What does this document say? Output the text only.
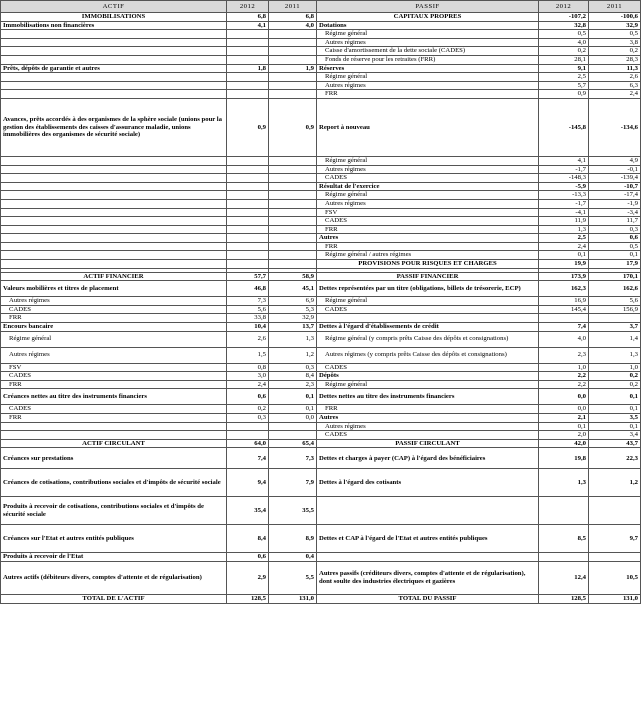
ACTIF	2012	2011	PASSIF	2012	2011
IMMOBILISATIONS	6,8	6,8	CAPITAUX PROPRES	-107,2	-100,6
Immobilisations non financières	4,1	4,0	Dotations	32,8	32,9
			Régime général	0,5	0,5
			Autres régimes	4,0	3,8
			Caisse d'amortissement de la dette sociale (CADES)	0,2	0,2
			Fonds de réserve pour les retraites (FRR)	28,1	28,3
Prêts, dépôts de garantie et autres	1,8	1,9	Réserves	9,1	11,3
			Régime général	2,5	2,6
			Autres régimes	5,7	6,3
			FRR	0,9	2,4
Avances, prêts accordés à des organismes de la sphère sociale (unions pour la gestion des établissements des caisses d'assurance maladie, unions immobilières des organismes de sécurité sociale)	0,9	0,9	Report à nouveau	-145,8	-134,6
			Régime général	4,1	4,9
			Autres régimes	-1,7	-0,1
			CADES	-148,3	-139,4
			Résultat de l'exercice	-5,9	-10,7
			Régime général	-13,3	-17,4
			Autres régimes	-1,7	-1,9
			FSV	-4,1	-3,4
			CADES	11,9	11,7
			FRR	1,3	0,3
			Autres	2,5	0,6
			FRR	2,4	0,5
			Régime général / autres régimes	0,1	0,1
			PROVISIONS POUR RISQUES ET CHARGES	19,9	17,9

ACTIF FINANCIER	57,7	58,9	PASSIF FINANCIER	173,9	170,1
Valeurs mobilières et titres de placement	46,8	45,1	Dettes représentées par un titre (obligations, billets de trésorerie, ECP)	162,3	162,6
Autres régimes	7,3	6,9	Régime général	16,9	5,6
CADES	5,6	5,3	CADES	145,4	156,9
FRR	33,8	32,9			
Encours bancaire	10,4	13,7	Dettes à l'égard d'établissements de crédit	7,4	3,7
Régime général	2,6	1,3	Régime général (y compris prêts Caisse des dépôts et consignations)	4,0	1,4
Autres régimes	1,5	1,2	Autres régimes (y compris prêts Caisse des dépôts et consignations)	2,3	1,3
FSV	0,8	0,3	CADES	1,0	1,0
CADES	3,0	8,4	Dépôts	2,2	0,2
FRR	2,4	2,3	Régime général	2,2	0,2
Créances nettes au titre des instruments financiers	0,6	0,1	Dettes nettes au titre des instruments financiers	0,0	0,1
CADES	0,2	0,1	FRR	0,0	0,1
FRR	0,3	0,0	Autres	2,1	3,5
			Autres régimes	0,1	0,1
			CADES	2,0	3,4
ACTIF CIRCULANT	64,0	65,4	PASSIF CIRCULANT	42,0	43,7
Créances sur prestations	7,4	7,3	Dettes et charges à payer (CAP) à l'égard des bénéficiaires	19,8	22,3
Créances de cotisations, contributions sociales et d'impôts de sécurité sociale	9,4	7,9	Dettes à l'égard des cotisants	1,3	1,2
Produits à recevoir de cotisations, contributions sociales et d'impôts de sécurité sociale	35,4	35,5			
Créances sur l'Etat et autres entités publiques	8,4	8,9	Dettes et CAP à l'égard de l'Etat et autres entités publiques	8,5	9,7
Produits à recevoir de l'Etat	0,6	0,4			
Autres actifs (débiteurs divers, comptes d'attente et de régularisation)	2,9	5,5	Autres passifs (créditeurs divers, comptes d'attente et de régularisation), dont soulte des industries électriques et gazières	12,4	10,5
TOTAL DE L'ACTIF	128,5	131,0	TOTAL DU PASSIF	128,5	131,0
